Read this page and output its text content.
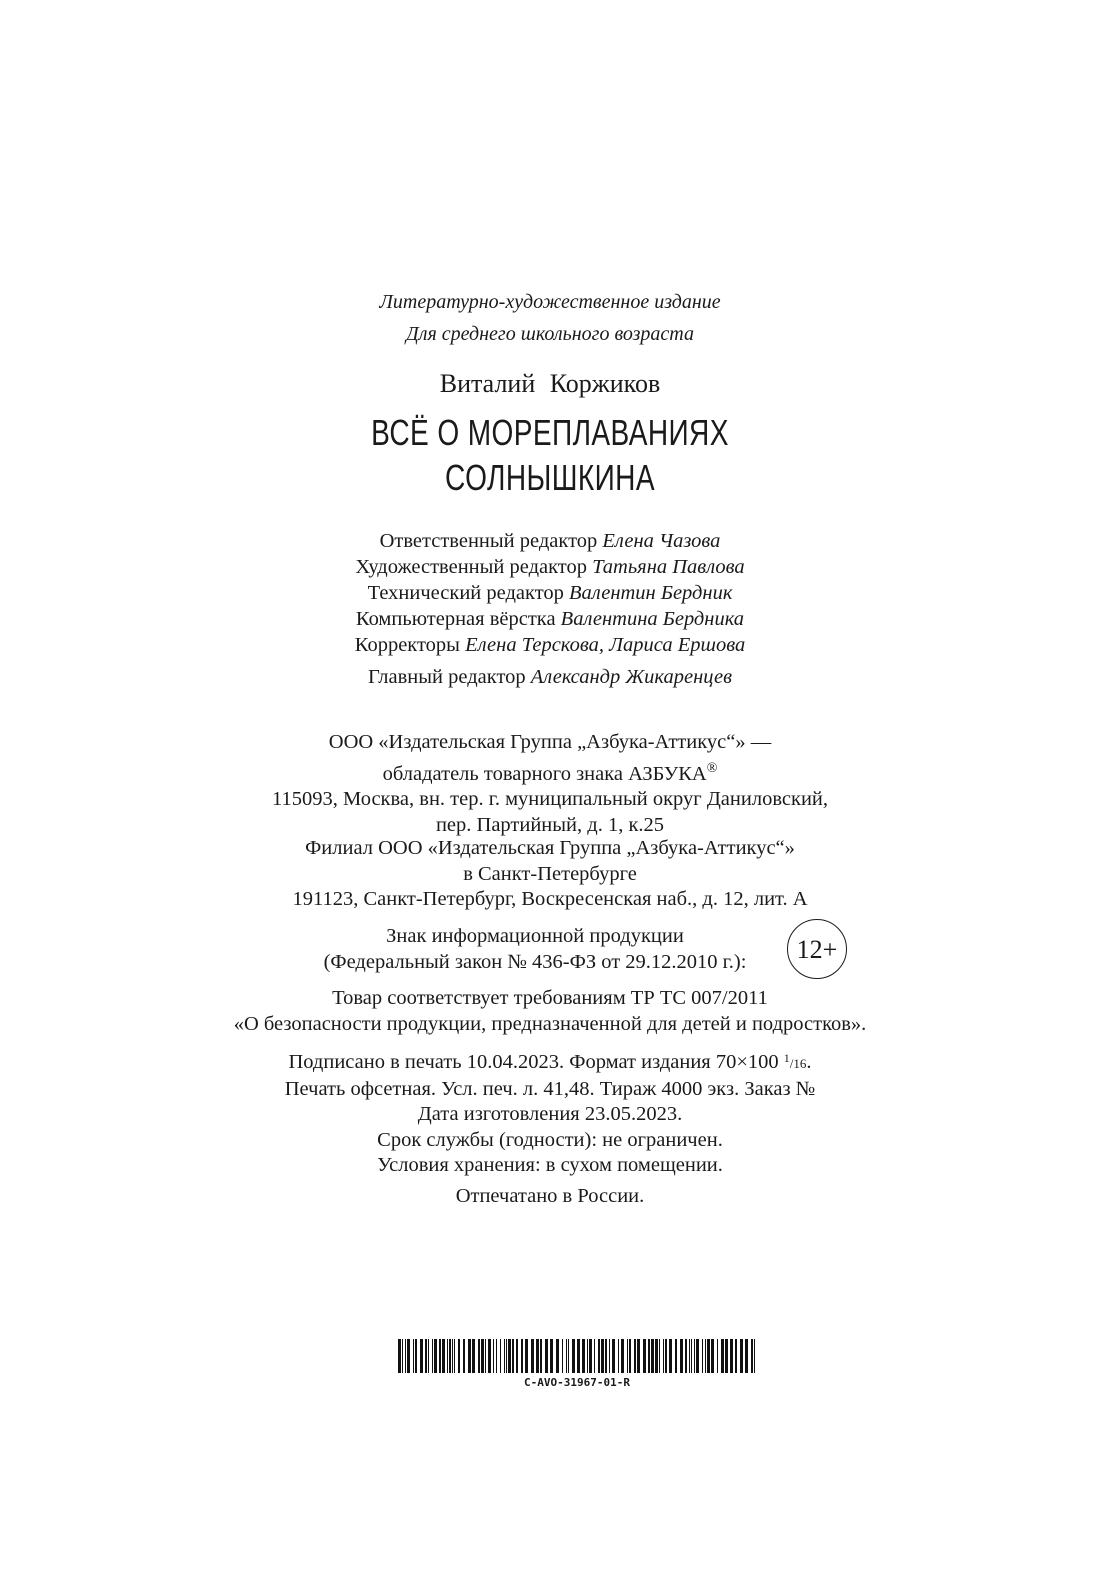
Литературно-художественное издание
Для среднего школьного возраста
Виталий Коржиков
ВСЁ О МОРЕПЛАВАНИЯХ
СОЛНЫШКИНА
Ответственный редактор Елена Чазова
Художественный редактор Татьяна Павлова
Технический редактор Валентин Бердник
Компьютерная вёрстка Валентина Бердника
Корректоры Елена Терскова, Лариса Ершова
Главный редактор Александр Жикаренцев
ООО «Издательская Группа „Азбука-Аттикус“» —
обладатель товарного знака АЗБУКА®
115093, Москва, вн. тер. г. муниципальный округ Даниловский,
пер. Партийный, д. 1, к.25
Филиал ООО «Издательская Группа „Азбука-Аттикус“»
в Санкт-Петербурге
191123, Санкт-Петербург, Воскресенская наб., д. 12, лит. А
Знак информационной продукции
(Федеральный закон № 436-ФЗ от 29.12.2010 г.):	12+
Товар соответствует требованиям ТР ТС 007/2011
«О безопасности продукции, предназначенной для детей и подростков».
Подписано в печать 10.04.2023. Формат издания 70×100 $^1$/16.
Печать офсетная. Усл. печ. л. 41,48. Тираж 4000 экз. Заказ №
Дата изготовления 23.05.2023.
Срок службы (годности): не ограничен.
Условия хранения: в сухом помещении.
Отпечатано в России.
C-AVO-31967-01-R
